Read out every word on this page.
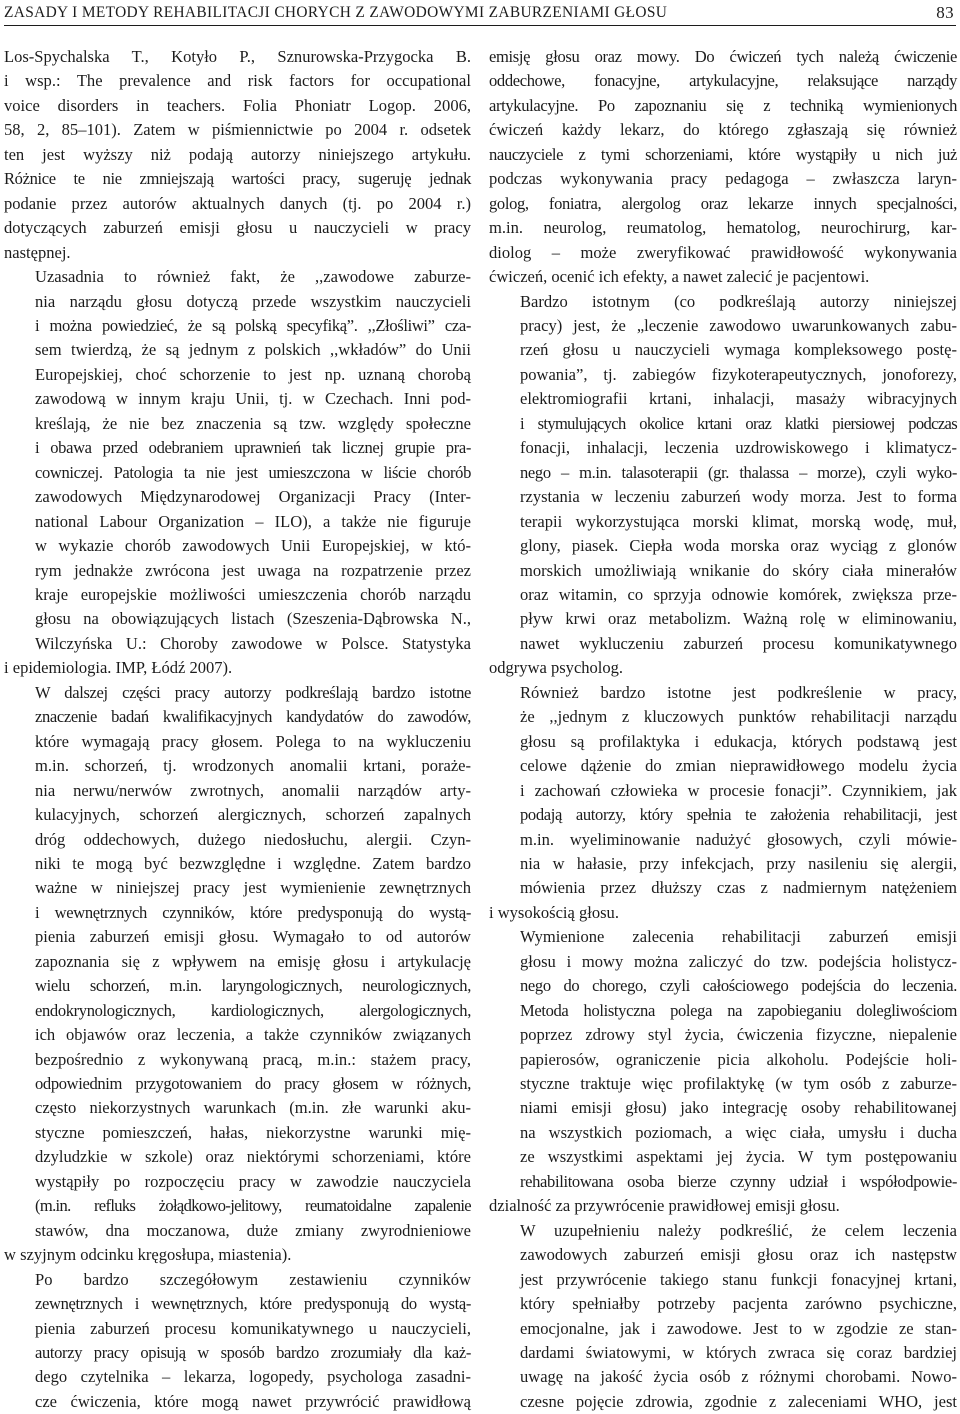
ZASADY I METODY REHABILITACJI CHORYCH Z ZAWODOWYMI ZABURZENIAMI GŁOSU	83

Los-Spychalska T., Kotyło P., Sznurowska-Przygocka B.
i wsp.: The prevalence and risk factors for occupational
voice disorders in teachers. Folia Phoniatr Logop. 2006,
58, 2, 85–101). Zatem w piśmiennictwie po 2004 r. odsetek
ten jest wyższy niż podają autorzy niniejszego artykułu.
Różnice te nie zmniejszają wartości pracy, sugeruję jednak
podanie przez autorów aktualnych danych (tj. po 2004 r.)
dotyczących zaburzeń emisji głosu u nauczycieli w pracy

następnej.

Uzasadnia to również fakt, że ,,zawodowe zaburze-
nia narządu głosu dotyczą przede wszystkim nauczycieli
i można powiedzieć, że są polską specyfiką”. ,,Złośliwi” cza-
sem twierdzą, że są jednym z polskich ,,wkładów” do Unii
Europejskiej, choć schorzenie to jest np. uznaną chorobą
zawodową w innym kraju Unii, tj. w Czechach. Inni pod-
kreślają, że nie bez znaczenia są tzw. względy społeczne
i obawa przed odebraniem uprawnień tak licznej grupie pra-
cowniczej. Patologia ta nie jest umieszczona w liście chorób
zawodowych Międzynarodowej Organizacji Pracy (Inter-
national Labour Organization – ILO), a także nie figuruje
w wykazie chorób zawodowych Unii Europejskiej, w któ-
rym jednakże zwrócona jest uwaga na rozpatrzenie przez
kraje europejskie możliwości umieszczenia chorób narządu
głosu na obowiązujących listach (Szeszenia-Dąbrowska N.,
Wilczyńska U.: Choroby zawodowe w Polsce. Statystyka

i epidemiologia. IMP, Łódź 2007).

W dalszej części pracy autorzy podkreślają bardzo istotne
znaczenie badań kwalifikacyjnych kandydatów do zawodów,
które wymagają pracy głosem. Polega to na wykluczeniu
m.in. schorzeń, tj. wrodzonych anomalii krtani, poraże-
nia nerwu/nerwów zwrotnych, anomalii narządów arty-
kulacyjnych, schorzeń alergicznych, schorzeń zapalnych
dróg oddechowych, dużego niedosłuchu, alergii. Czyn-
niki te mogą być bezwzględne i względne. Zatem bardzo
ważne w niniejszej pracy jest wymienienie zewnętrznych
i wewnętrznych czynników, które predysponują do wystą-
pienia zaburzeń emisji głosu. Wymagało to od autorów
zapoznania się z wpływem na emisję głosu i artykulację
wielu schorzeń, m.in. laryngologicznych, neurologicznych,
endokrynologicznych, kardiologicznych, alergologicznych,
ich objawów oraz leczenia, a także czynników związanych
bezpośrednio z wykonywaną pracą, m.in.: stażem pracy,
odpowiednim przygotowaniem do pracy głosem w różnych,
często niekorzystnych warunkach (m.in. złe warunki aku-
styczne pomieszczeń, hałas, niekorzystne warunki mię-
dzyludzkie w szkole) oraz niektórymi schorzeniami, które
wystąpiły po rozpoczęciu pracy w zawodzie nauczyciela
(m.in. refluks żołądkowo-jelitowy, reumatoidalne zapalenie
stawów, dna moczanowa, duże zmiany zwyrodnieniowe

w szyjnym odcinku kręgosłupa, miastenia).

Po bardzo szczegółowym zestawieniu czynników
zewnętrznych i wewnętrznych, które predysponują do wystą-
pienia zaburzeń procesu komunikatywnego u nauczycieli,
autorzy pracy opisują w sposób bardzo zrozumiały dla każ-
dego czytelnika – lekarza, logopedy, psychologa zasadni-
cze ćwiczenia, które mogą nawet przywrócić prawidłową

emisję głosu oraz mowy. Do ćwiczeń tych należą ćwiczenie
oddechowe, fonacyjne, artykulacyjne, relaksujące narządy
artykulacyjne. Po zapoznaniu się z techniką wymienionych
ćwiczeń każdy lekarz, do którego zgłaszają się również
nauczyciele z tymi schorzeniami, które wystąpiły u nich już
podczas wykonywania pracy pedagoga – zwłaszcza laryn-
golog, foniatra, alergolog oraz lekarze innych specjalności,
m.in. neurolog, reumatolog, hematolog, neurochirurg, kar-
diolog – może zweryfikować prawidłowość wykonywania

ćwiczeń, ocenić ich efekty, a nawet zalecić je pacjentowi.

Bardzo istotnym (co podkreślają autorzy niniejszej
pracy) jest, że „leczenie zawodowo uwarunkowanych zabu-
rzeń głosu u nauczycieli wymaga kompleksowego postę-
powania”, tj. zabiegów fizykoterapeutycznych, jonoforezy,
elektromiografii krtani, inhalacji, masaży wibracyjnych
i stymulujących okolice krtani oraz klatki piersiowej podczas
fonacji, inhalacji, leczenia uzdrowiskowego i klimatycz-
nego – m.in. talasoterapii (gr. thalassa – morze), czyli wyko-
rzystania w leczeniu zaburzeń wody morza. Jest to forma
terapii wykorzystująca morski klimat, morską wodę, muł,
glony, piasek. Ciepła woda morska oraz wyciąg z glonów
morskich umożliwiają wnikanie do skóry ciała minerałów
oraz witamin, co sprzyja odnowie komórek, zwiększa prze-
pływ krwi oraz metabolizm. Ważną rolę w eliminowaniu,
nawet wykluczeniu zaburzeń procesu komunikatywnego

odgrywa psycholog.

Również bardzo istotne jest podkreślenie w pracy,
że ,,jednym z kluczowych punktów rehabilitacji narządu
głosu są profilaktyka i edukacja, których podstawą jest
celowe dążenie do zmian nieprawidłowego modelu życia
i zachowań człowieka w procesie fonacji”. Czynnikiem, jak
podają autorzy, który spełnia te założenia rehabilitacji, jest
m.in. wyeliminowanie nadużyć głosowych, czyli mówie-
nia w hałasie, przy infekcjach, przy nasileniu się alergii,
mówienia przez dłuższy czas z nadmiernym natężeniem

i wysokością głosu.

Wymienione zalecenia rehabilitacji zaburzeń emisji
głosu i mowy można zaliczyć do tzw. podejścia holistycz-
nego do chorego, czyli całościowego podejścia do leczenia.
Metoda holistyczna polega na zapobieganiu dolegliwościom
poprzez zdrowy styl życia, ćwiczenia fizyczne, niepalenie
papierosów, ograniczenie picia alkoholu. Podejście holi-
styczne traktuje więc profilaktykę (w tym osób z zaburze-
niami emisji głosu) jako integrację osoby rehabilitowanej
na wszystkich poziomach, a więc ciała, umysłu i ducha
ze wszystkimi aspektami jej życia. W tym postępowaniu
rehabilitowana osoba bierze czynny udział i współodpowie-

dzialność za przywrócenie prawidłowej emisji głosu.

W uzupełnieniu należy podkreślić, że celem leczenia
zawodowych zaburzeń emisji głosu oraz ich następstw
jest przywrócenie takiego stanu funkcji fonacyjnej krtani,
który spełniałby potrzeby pacjenta zarówno psychiczne,
emocjonalne, jak i zawodowe. Jest to w zgodzie ze stan-
dardami światowymi, w których zwraca się coraz bardziej
uwagę na jakość życia osób z różnymi chorobami. Nowo-
czesne pojęcie zdrowia, zgodnie z zaleceniami WHO, jest
